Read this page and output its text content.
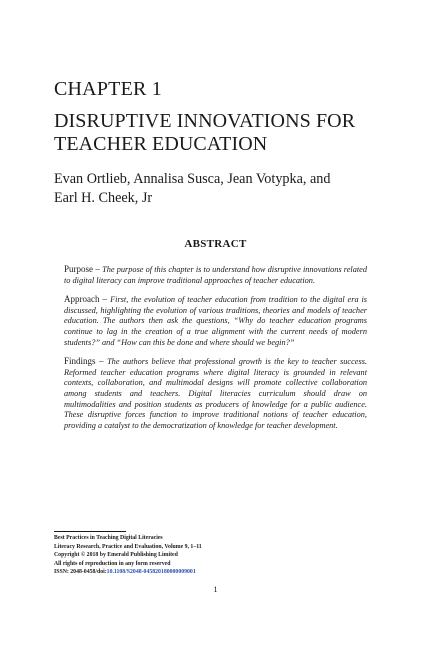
CHAPTER 1
DISRUPTIVE INNOVATIONS FOR
TEACHER EDUCATION
Evan Ortlieb, Annalisa Susca, Jean Votypka, and
Earl H. Cheek, Jr
ABSTRACT

Purpose – The purpose of this chapter is to understand how disruptive innovations related to digital literacy can improve traditional approaches of teacher education.

Approach – First, the evolution of teacher education from tradition to the digital era is discussed, highlighting the evolution of various traditions, theories and models of teacher education. The authors then ask the questions, “Why do teacher education programs continue to lag in the creation of a true alignment with the current needs of modern students?” and “How can this be done and where should we begin?”

Findings – The authors believe that professional growth is the key to teacher success. Reformed teacher education programs where digital literacy is grounded in relevant contexts, collaboration, and multimodal designs will promote collective collaboration among students and teachers. Digital literacies curriculum should draw on multimodalities and position students as producers of knowledge for a public audience. These disruptive forces function to improve traditional notions of teacher education, providing a catalyst to the democratization of knowledge for teacher development.

Best Practices in Teaching Digital Literacies
Literacy Research, Practice and Evaluation, Volume 9, 1–11
Copyright © 2018 by Emerald Publishing Limited
All rights of reproduction in any form reserved
ISSN: 2048-0458/doi:10.1108/S2048-045820180000009001
1
